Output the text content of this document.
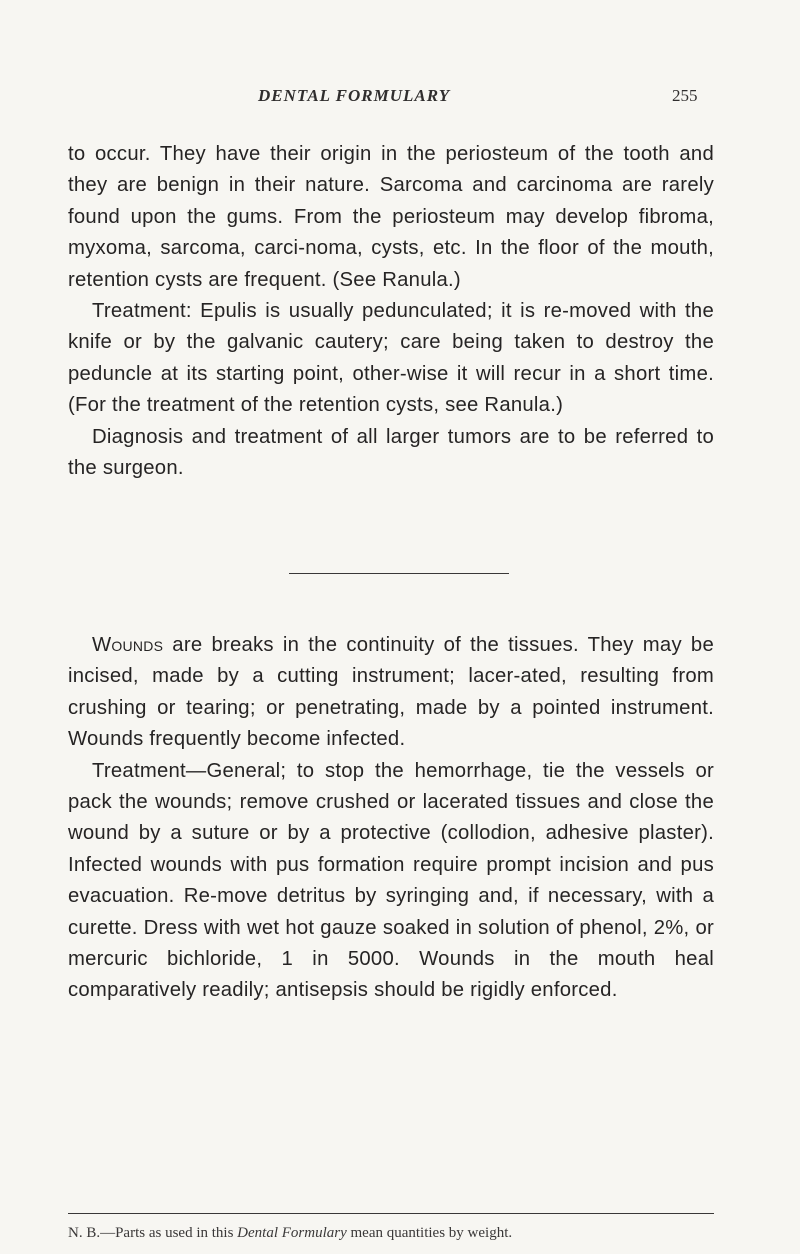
DENTAL FORMULARY	255

to occur. They have their origin in the periosteum of the tooth and they are benign in their nature. Sarcoma and carcinoma are rarely found upon the gums. From the periosteum may develop fibroma, myxoma, sarcoma, carci-noma, cysts, etc. In the floor of the mouth, retention cysts are frequent. (See Ranula.)

Treatment: Epulis is usually pedunculated; it is re-moved with the knife or by the galvanic cautery; care being taken to destroy the peduncle at its starting point, other-wise it will recur in a short time. (For the treatment of the retention cysts, see Ranula.)

Diagnosis and treatment of all larger tumors are to be referred to the surgeon.

Wounds are breaks in the continuity of the tissues. They may be incised, made by a cutting instrument; lacer-ated, resulting from crushing or tearing; or penetrating, made by a pointed instrument. Wounds frequently become infected.

Treatment—General; to stop the hemorrhage, tie the vessels or pack the wounds; remove crushed or lacerated tissues and close the wound by a suture or by a protective (collodion, adhesive plaster). Infected wounds with pus formation require prompt incision and pus evacuation. Re-move detritus by syringing and, if necessary, with a curette. Dress with wet hot gauze soaked in solution of phenol, 2%, or mercuric bichloride, 1 in 5000. Wounds in the mouth heal comparatively readily; antisepsis should be rigidly enforced.

N. B.—Parts as used in this Dental Formulary mean quantities by weight.
